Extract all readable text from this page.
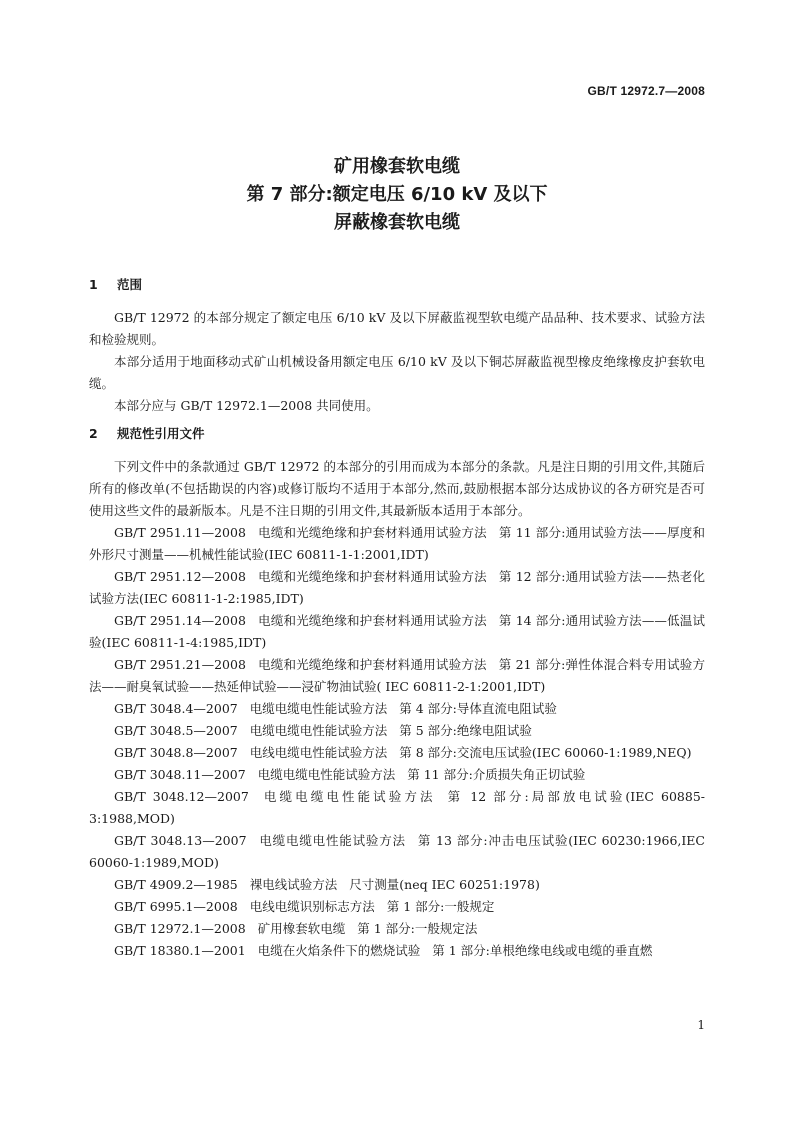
GB/T 12972.7—2008
矿用橡套软电缆
第 7 部分:额定电压 6/10 kV 及以下
屏蔽橡套软电缆
1 范围

GB/T 12972 的本部分规定了额定电压 6/10 kV 及以下屏蔽监视型软电缆产品品种、技术要求、试验方法和检验规则。

本部分适用于地面移动式矿山机械设备用额定电压 6/10 kV 及以下铜芯屏蔽监视型橡皮绝缘橡皮护套软电缆。

本部分应与 GB/T 12972.1—2008 共同使用。

2 规范性引用文件

下列文件中的条款通过 GB/T 12972 的本部分的引用而成为本部分的条款。凡是注日期的引用文件,其随后所有的修改单(不包括勘误的内容)或修订版均不适用于本部分,然而,鼓励根据本部分达成协议的各方研究是否可使用这些文件的最新版本。凡是不注日期的引用文件,其最新版本适用于本部分。

GB/T 2951.11—2008 电缆和光缆绝缘和护套材料通用试验方法 第 11 部分:通用试验方法——厚度和外形尺寸测量——机械性能试验(IEC 60811-1-1:2001,IDT)

GB/T 2951.12—2008 电缆和光缆绝缘和护套材料通用试验方法 第 12 部分:通用试验方法——热老化试验方法(IEC 60811-1-2:1985,IDT)

GB/T 2951.14—2008 电缆和光缆绝缘和护套材料通用试验方法 第 14 部分:通用试验方法——低温试验(IEC 60811-1-4:1985,IDT)

GB/T 2951.21—2008 电缆和光缆绝缘和护套材料通用试验方法 第 21 部分:弹性体混合料专用试验方法——耐臭氧试验——热延伸试验——浸矿物油试验( IEC 60811-2-1:2001,IDT)

GB/T 3048.4—2007 电缆电缆电性能试验方法 第 4 部分:导体直流电阻试验

GB/T 3048.5—2007 电缆电缆电性能试验方法 第 5 部分:绝缘电阻试验

GB/T 3048.8—2007 电线电缆电性能试验方法 第 8 部分:交流电压试验(IEC 60060-1:1989,NEQ)

GB/T 3048.11—2007 电缆电缆电性能试验方法 第 11 部分:介质损失角正切试验

GB/T 3048.12—2007 电缆电缆电性能试验方法 第 12 部分:局部放电试验(IEC 60885-3:1988,MOD)

GB/T 3048.13—2007 电缆电缆电性能试验方法 第 13 部分:冲击电压试验(IEC 60230:1966,IEC 60060-1:1989,MOD)

GB/T 4909.2—1985 裸电线试验方法 尺寸测量(neq IEC 60251:1978)

GB/T 6995.1—2008 电线电缆识别标志方法 第 1 部分:一般规定

GB/T 12972.1—2008 矿用橡套软电缆 第 1 部分:一般规定法

GB/T 18380.1—2001 电缆在火焰条件下的燃烧试验 第 1 部分:单根绝缘电线或电缆的垂直燃

1
